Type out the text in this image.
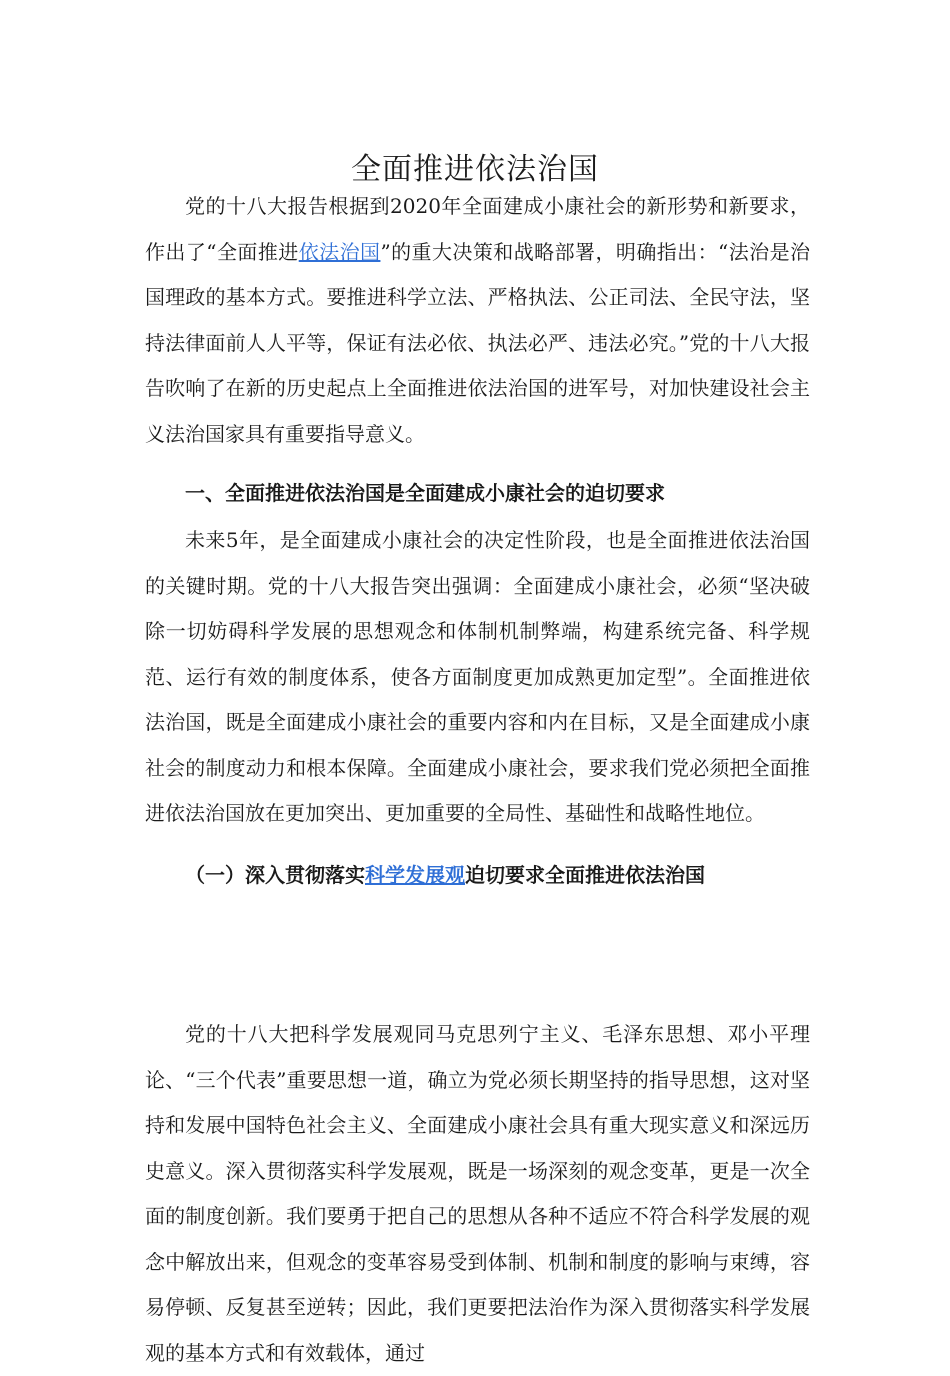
全面推进依法治国

党的十八大报告根据到2020年全面建成小康社会的新形势和新要求，作出了“全面推进依法治国”的重大决策和战略部署，明确指出：“法治是治国理政的基本方式。要推进科学立法、严格执法、公正司法、全民守法，坚持法律面前人人平等，保证有法必依、执法必严、违法必究。”党的十八大报告吹响了在新的历史起点上全面推进依法治国的进军号，对加快建设社会主义法治国家具有重要指导意义。

一、全面推进依法治国是全面建成小康社会的迫切要求

未来5年，是全面建成小康社会的决定性阶段，也是全面推进依法治国的关键时期。党的十八大报告突出强调：全面建成小康社会，必须“坚决破除一切妨碍科学发展的思想观念和体制机制弊端，构建系统完备、科学规范、运行有效的制度体系，使各方面制度更加成熟更加定型”。全面推进依法治国，既是全面建成小康社会的重要内容和内在目标，又是全面建成小康社会的制度动力和根本保障。全面建成小康社会，要求我们党必须把全面推进依法治国放在更加突出、更加重要的全局性、基础性和战略性地位。

（一）深入贯彻落实科学发展观迫切要求全面推进依法治国

党的十八大把科学发展观同马克思列宁主义、毛泽东思想、邓小平理论、“三个代表”重要思想一道，确立为党必须长期坚持的指导思想，这对坚持和发展中国特色社会主义、全面建成小康社会具有重大现实意义和深远历史意义。深入贯彻落实科学发展观，既是一场深刻的观念变革，更是一次全面的制度创新。我们要勇于把自己的思想从各种不适应不符合科学发展的观念中解放出来，但观念的变革容易受到体制、机制和制度的影响与束缚，容易停顿、反复甚至逆转；因此，我们更要把法治作为深入贯彻落实科学发展观的基本方式和有效载体，通过
